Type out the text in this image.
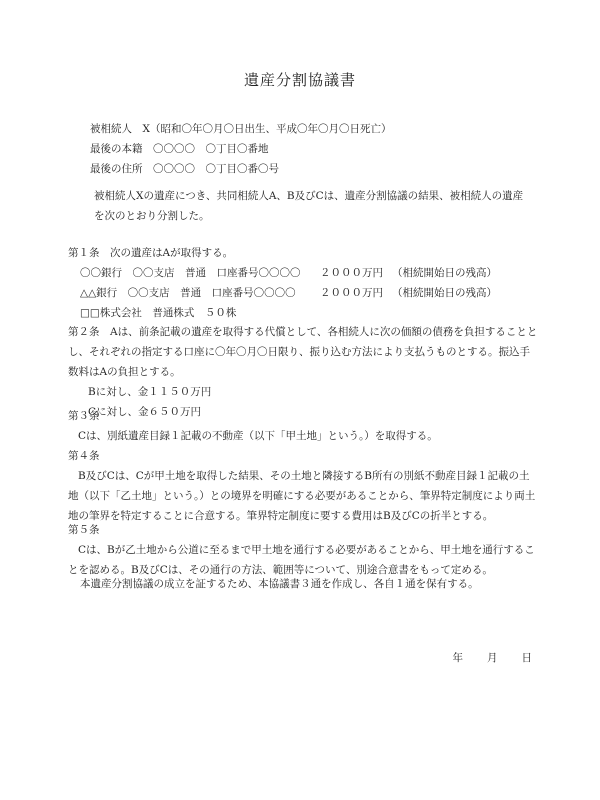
遺産分割協議書
被相続人　X（昭和〇年〇月〇日出生、平成〇年〇月〇日死亡）
最後の本籍　〇〇〇〇　〇丁目〇番地
最後の住所　〇〇〇〇　〇丁目〇番〇号
被相続人Xの遺産につき、共同相続人A、B及びCは、遺産分割協議の結果、被相続人の遺産
を次のとおり分割した。
第１条　次の遺産はAが取得する。
〇〇銀行　〇〇支店　普通　口座番号〇〇〇〇	２０００万円 （相続開始日の残高）
△△銀行　〇〇支店　普通　口座番号〇〇〇〇	２０００万円 （相続開始日の残高）
□□株式会社　普通株式　５０株
第２条　Aは、前条記載の遺産を取得する代償として、各相続人に次の価額の債務を負担することと
し、それぞれの指定する口座に〇年〇月〇日限り、振り込む方法により支払うものとする。振込手
数料はAの負担とする。
Bに対し、金１１５０万円
Cに対し、金６５０万円
第３条
Cは、別紙遺産目録１記載の不動産（以下「甲土地」という。）を取得する。
第４条
B及びCは、Cが甲土地を取得した結果、その土地と隣接するB所有の別紙不動産目録１記載の土
地（以下「乙土地」という。）との境界を明確にする必要があることから、筆界特定制度により両土
地の筆界を特定することに合意する。筆界特定制度に要する費用はB及びCの折半とする。
第５条
Cは、Bが乙土地から公道に至るまで甲土地を通行する必要があることから、甲土地を通行するこ
とを認める。B及びCは、その通行の方法、範囲等について、別途合意書をもって定める。
本遺産分割協議の成立を証するため、本協議書３通を作成し、各自１通を保有する。
年 月 日
